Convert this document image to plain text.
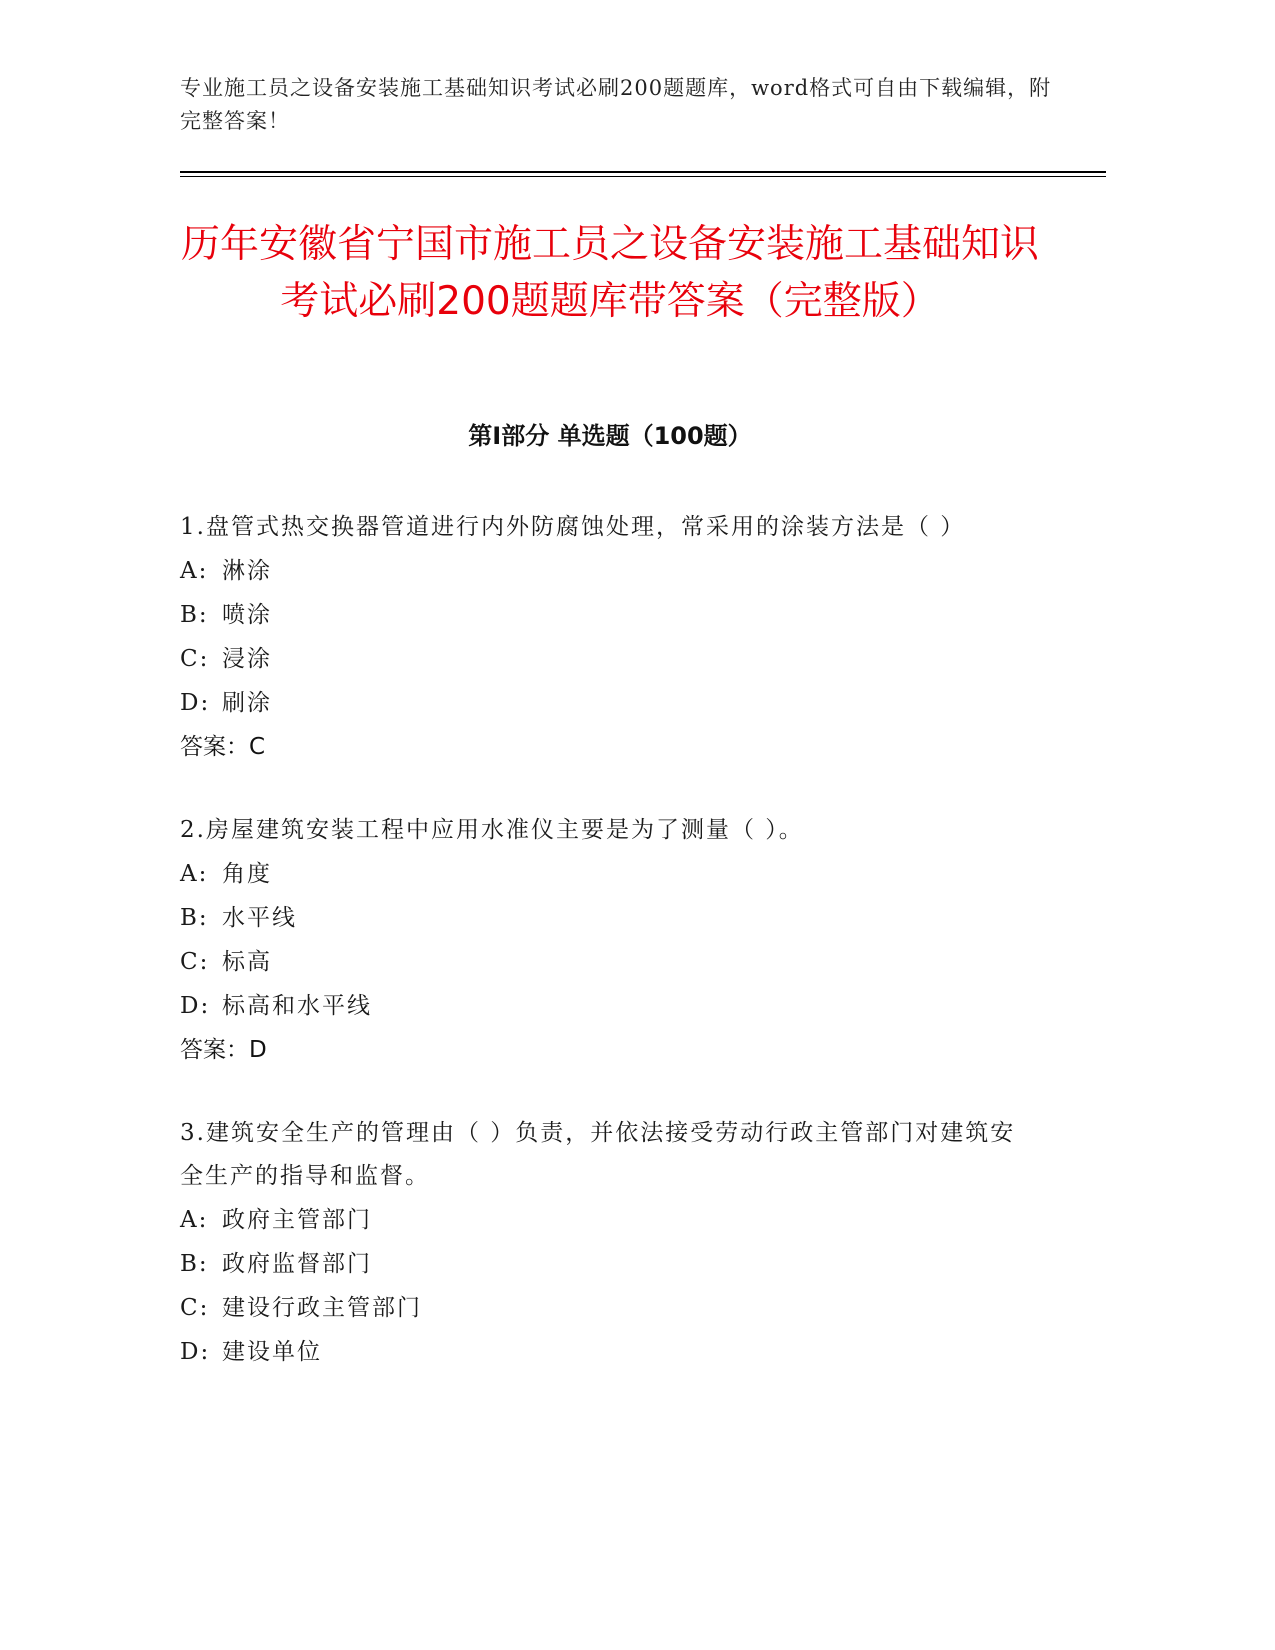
专业施工员之设备安装施工基础知识考试必刷200题题库，word格式可自由下载编辑，附完整答案！
历年安徽省宁国市施工员之设备安装施工基础知识考试必刷200题题库带答案（完整版）
第I部分 单选题（100题）

1.盘管式热交换器管道进行内外防腐蚀处理，常采用的涂装方法是（ ）

A: 淋涂
B: 喷涂
C: 浸涂
D: 刷涂
答案：C

2.房屋建筑安装工程中应用水准仪主要是为了测量（ ）。

A: 角度
B: 水平线
C: 标高
D: 标高和水平线
答案：D

3.建筑安全生产的管理由（ ）负责，并依法接受劳动行政主管部门对建筑安全生产的指导和监督。

A: 政府主管部门
B: 政府监督部门
C: 建设行政主管部门
D: 建设单位
